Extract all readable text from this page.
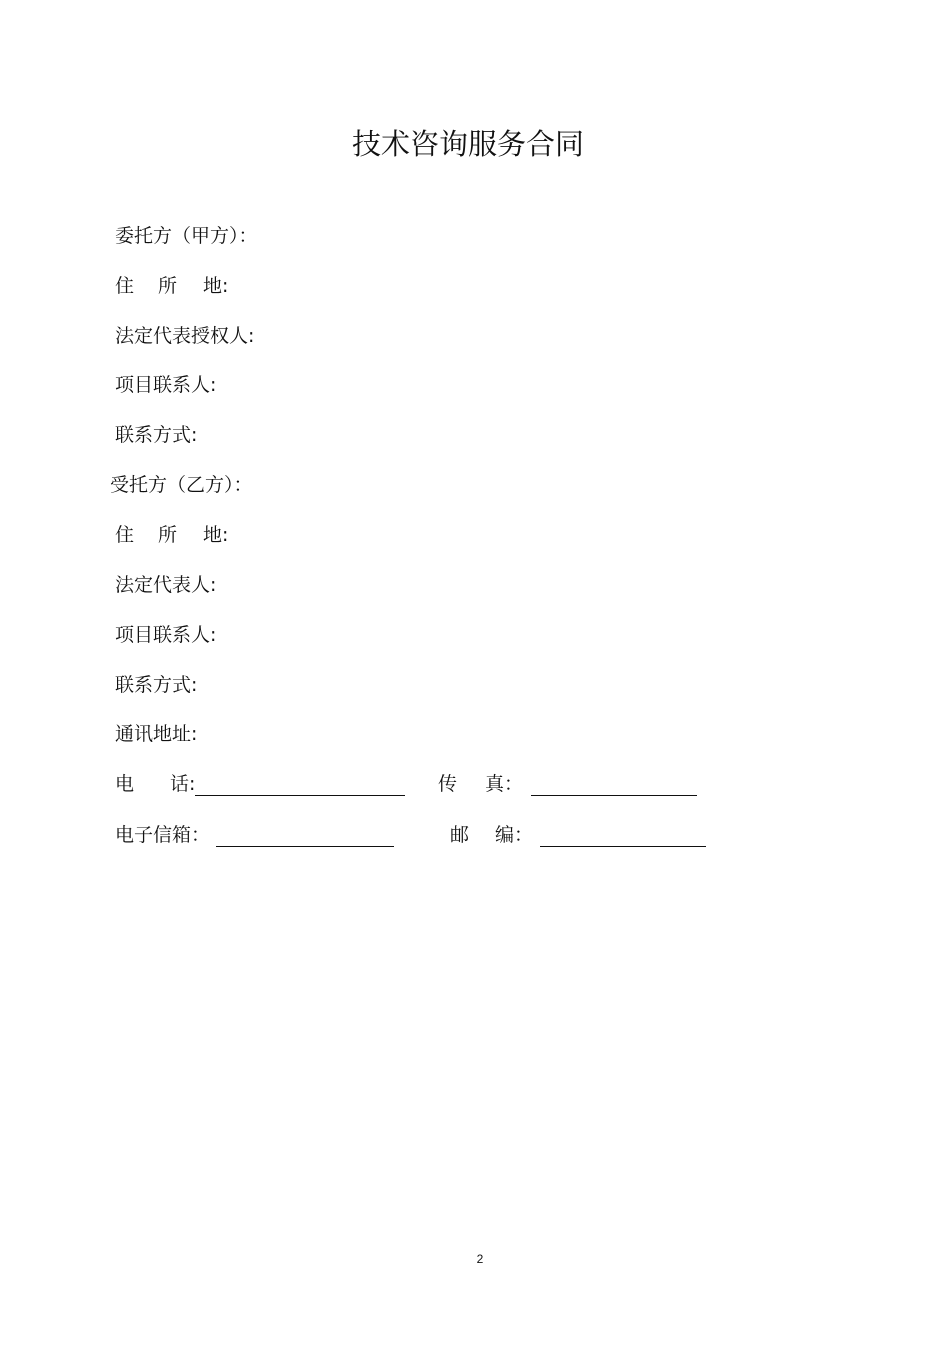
技术咨询服务合同
委托方（甲方）：
住 所 地:
法定代表授权人:
项目联系人:
联系方式:
受托方（乙方）：
住 所 地:
法定代表人:
项目联系人:
联系方式:
通讯地址:
电 话:	传 真：
电子信箱：	邮 编：
2
